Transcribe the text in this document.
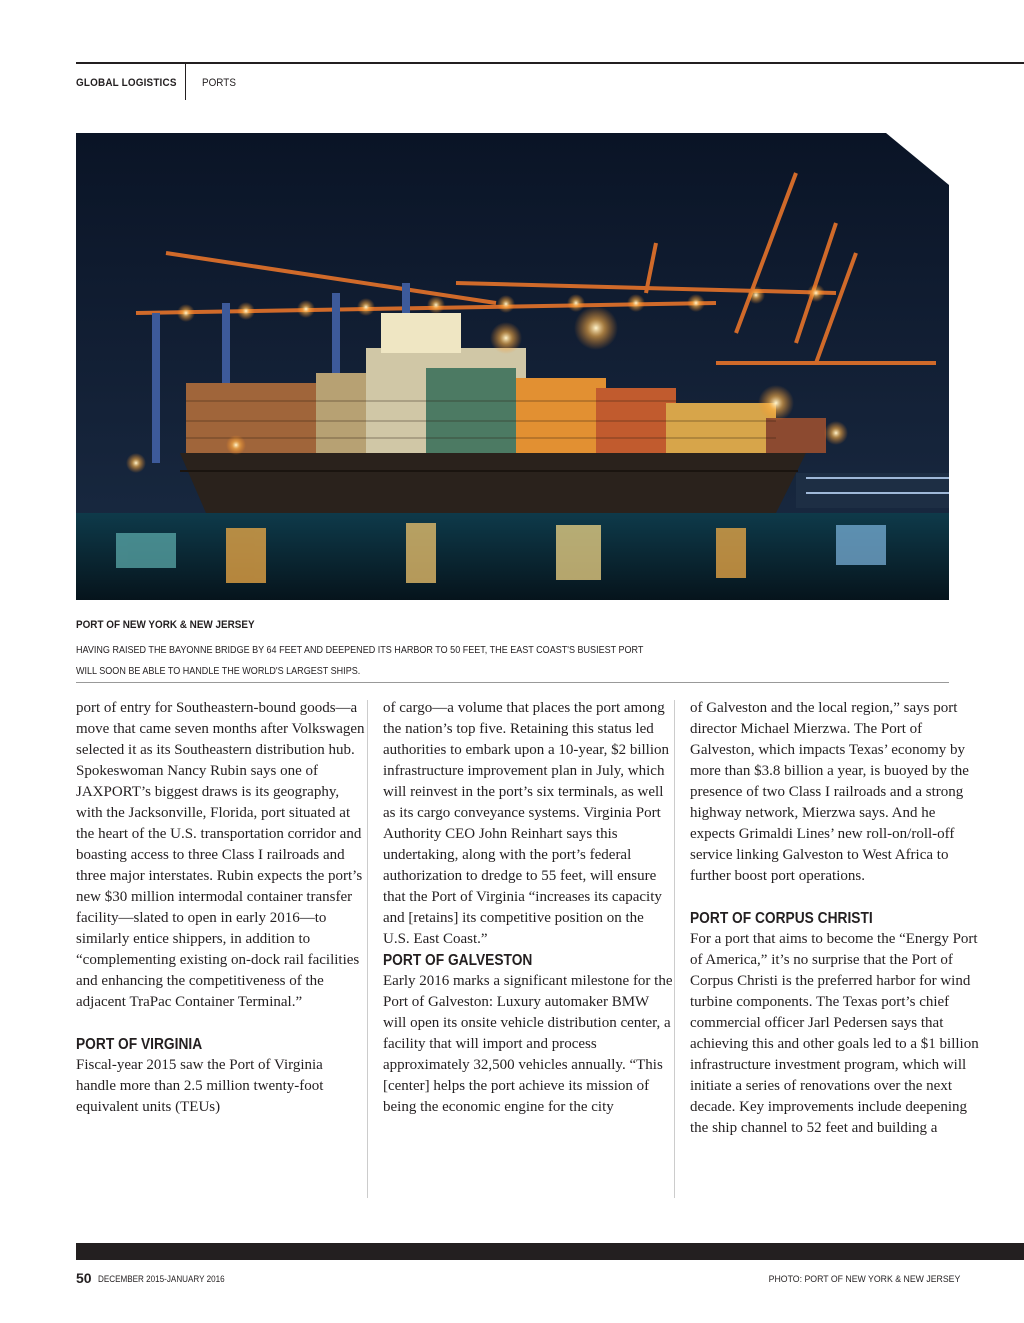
GLOBAL LOGISTICS PORTS
PORT OF NEW YORK & NEW JERSEY
HAVING RAISED THE BAYONNE BRIDGE BY 64 FEET AND DEEPENED ITS HARBOR TO 50 FEET, THE EAST COAST'S BUSIEST PORT WILL SOON BE ABLE TO HANDLE THE WORLD'S LARGEST SHIPS.

port of entry for Southeastern-bound goods—a move that came seven months after Volkswagen selected it as its Southeastern distribution hub. Spokeswoman Nancy Rubin says one of JAXPORT’s biggest draws is its geography, with the Jacksonville, Florida, port situated at the heart of the U.S. transportation corridor and boasting access to three Class I railroads and three major interstates. Rubin expects the port’s new $30 million intermodal container transfer facility—slated to open in early 2016—to similarly entice shippers, in addition to “complementing existing on-dock rail facilities and enhancing the competitiveness of the adjacent TraPac Container Terminal.”

PORT OF VIRGINIA

Fiscal-year 2015 saw the Port of Virginia handle more than 2.5 million twenty-foot equivalent units (TEUs)

of cargo—a volume that places the port among the nation’s top five. Retaining this status led authorities to embark upon a 10-year, $2 billion infrastructure improvement plan in July, which will reinvest in the port’s six terminals, as well as its cargo conveyance systems. Virginia Port Authority CEO John Reinhart says this undertaking, along with the port’s federal authorization to dredge to 55 feet, will ensure that the Port of Virginia “increases its capacity and [retains] its competitive position on the U.S. East Coast.”

PORT OF GALVESTON

Early 2016 marks a significant milestone for the Port of Galveston: Luxury automaker BMW will open its onsite vehicle distribution center, a facility that will import and process approximately 32,500 vehicles annually. “This [center] helps the port achieve its mission of being the economic engine for the city

of Galveston and the local region,” says port director Michael Mierzwa. The Port of Galveston, which impacts Texas’ economy by more than $3.8 billion a year, is buoyed by the presence of two Class I railroads and a strong highway network, Mierzwa says. And he expects Grimaldi Lines’ new roll-on/roll-off service linking Galveston to West Africa to further boost port operations.

PORT OF CORPUS CHRISTI

For a port that aims to become the “Energy Port of America,” it’s no surprise that the Port of Corpus Christi is the preferred harbor for wind turbine components. The Texas port’s chief commercial officer Jarl Pedersen says that achieving this and other goals led to a $1 billion infrastructure investment program, which will initiate a series of renovations over the next decade. Key improvements include deepening the ship channel to 52 feet and building a

50 DECEMBER 2015-JANUARY 2016	PHOTO: PORT OF NEW YORK & NEW JERSEY
